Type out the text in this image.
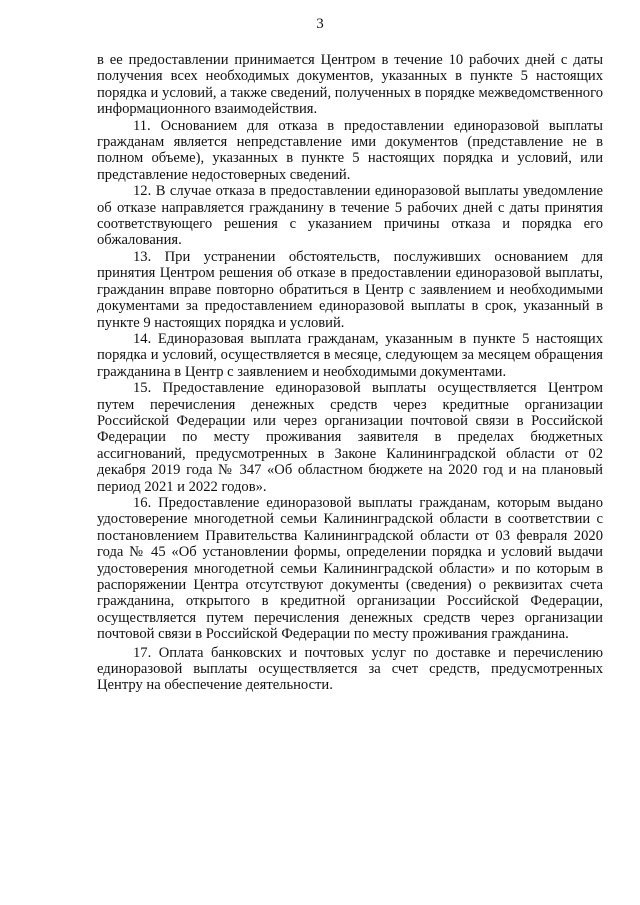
3

в ее предоставлении принимается Центром в течение 10 рабочих дней с даты получения всех необходимых документов, указанных в пункте 5 настоящих порядка и условий, а также сведений, полученных в порядке межведомственного информационного взаимодействия.

11. Основанием для отказа в предоставлении единоразовой выплаты гражданам является непредставление ими документов (представление не в полном объеме), указанных в пункте 5 настоящих порядка и условий, или представление недостоверных сведений.

12. В случае отказа в предоставлении единоразовой выплаты уведомление об отказе направляется гражданину в течение 5 рабочих дней с даты принятия соответствующего решения с указанием причины отказа и порядка его обжалования.

13. При устранении обстоятельств, послуживших основанием для принятия Центром решения об отказе в предоставлении единоразовой выплаты, гражданин вправе повторно обратиться в Центр с заявлением и необходимыми документами за предоставлением единоразовой выплаты в срок, указанный в пункте 9 настоящих порядка и условий.

14. Единоразовая выплата гражданам, указанным в пункте 5 настоящих порядка и условий, осуществляется в месяце, следующем за месяцем обращения гражданина в Центр с заявлением и необходимыми документами.

15. Предоставление единоразовой выплаты осуществляется Центром путем перечисления денежных средств через кредитные организации Российской Федерации или через организации почтовой связи в Российской Федерации по месту проживания заявителя в пределах бюджетных ассигнований, предусмотренных в Законе Калининградской области от 02 декабря 2019 года № 347 «Об областном бюджете на 2020 год и на плановый период 2021 и 2022 годов».

16. Предоставление единоразовой выплаты гражданам, которым выдано удостоверение многодетной семьи Калининградской области в соответствии с постановлением Правительства Калининградской области от 03 февраля 2020 года № 45 «Об установлении формы, определении порядка и условий выдачи удостоверения многодетной семьи Калининградской области» и по которым в распоряжении Центра отсутствуют документы (сведения) о реквизитах счета гражданина, открытого в кредитной организации Российской Федерации, осуществляется путем перечисления денежных средств через организации почтовой связи в Российской Федерации по месту проживания гражданина.

17. Оплата банковских и почтовых услуг по доставке и перечислению единоразовой выплаты осуществляется за счет средств, предусмотренных Центру на обеспечение деятельности.
